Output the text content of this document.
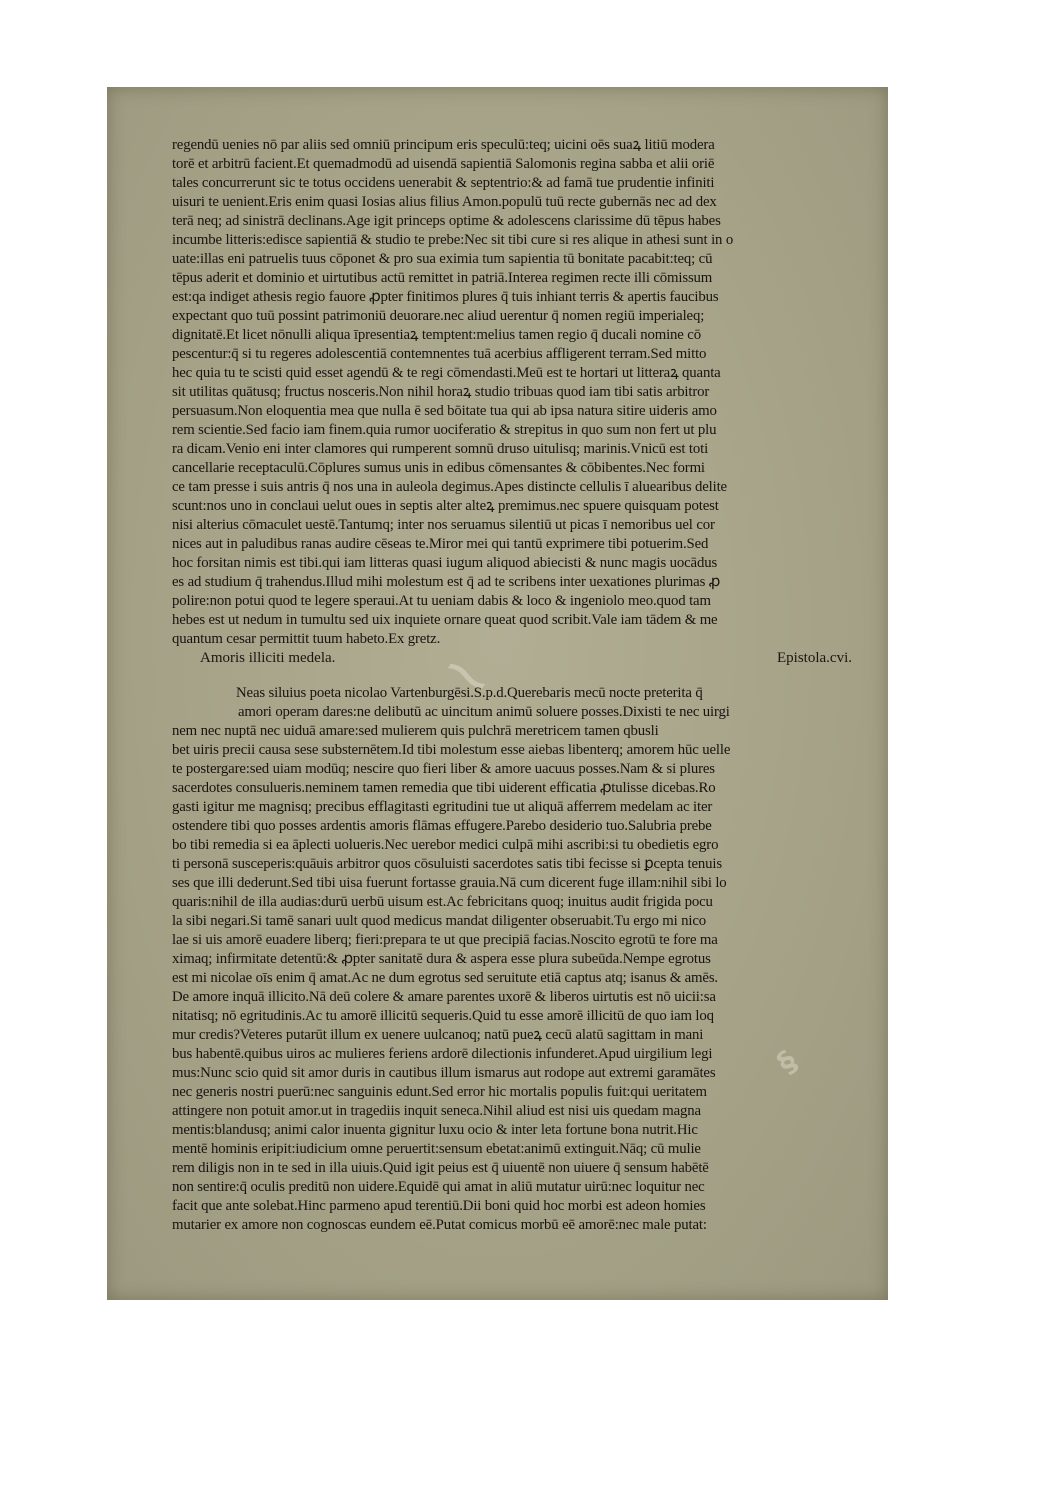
regendū uenies nō par aliis sed omniū principum eris speculū:teq; uicini oēs suaꝝ litiū modera
torē et arbitrū facient.Et quemadmodū ad uisendā sapientiā Salomonis regina sabba et alii oriē
tales concurrerunt sic te totus occidens uenerabit & septentrio:& ad famā tue prudentie infiniti
uisuri te uenient.Eris enim quasi Iosias alius filius Amon.populū tuū recte gubernās nec ad dex
terā neq; ad sinistrā declinans.Age igit princeps optime & adolescens clarissime dū tēpus habes
incumbe litteris:edisce sapientiā & studio te prebe:Nec sit tibi cure si res alique in athesi sunt in o
uate:illas eni patruelis tuus cōponet & pro sua eximia tum sapientia tū bonitate pacabit:teq; cū
tēpus aderit et dominio et uirtutibus actū remittet in patriā.Interea regimen recte illi cōmissum
est:qa indiget athesis regio fauore ꝓpter finitimos plures q̄ tuis inhiant terris & apertis faucibus
expectant quo tuū possint patrimoniū deuorare.nec aliud uerentur q̄ nomen regiū imperialeq;
dignitatē.Et licet nōnulli aliqua īpresentiaꝝ temptent:melius tamen regio q̄ ducali nomine cō
pescentur:q̄ si tu regeres adolescentiā contemnentes tuā acerbius affligerent terram.Sed mitto
hec quia tu te scisti quid esset agendū & te regi cōmendasti.Meū est te hortari ut litteraꝝ quanta
sit utilitas quātusq; fructus nosceris.Non nihil horaꝝ studio tribuas quod iam tibi satis arbitror
persuasum.Non eloquentia mea que nulla ē sed bōitate tua qui ab ipsa natura sitire uideris amo
rem scientie.Sed facio iam finem.quia rumor uociferatio & strepitus in quo sum non fert ut plu
ra dicam.Venio eni inter clamores qui rumperent somnū druso uitulisq; marinis.Vnicū est toti
cancellarie receptaculū.Cōplures sumus unis in edibus cōmensantes & cōbibentes.Nec formi
ce tam presse i suis antris q̄ nos una in auleola degimus.Apes distincte cellulis ī aluearibus delite
scunt:nos uno in conclaui uelut oues in septis alter alteꝝ premimus.nec spuere quisquam potest
nisi alterius cōmaculet uestē.Tantumq; inter nos seruamus silentiū ut picas ī nemoribus uel cor
nices aut in paludibus ranas audire cēseas te.Miror mei qui tantū exprimere tibi potuerim.Sed
hoc forsitan nimis est tibi.qui iam litteras quasi iugum aliquod abiecisti & nunc magis uocādus
es ad studium q̄ trahendus.Illud mihi molestum est q̄ ad te scribens inter uexationes plurimas ꝓ
polire:non potui quod te legere speraui.At tu ueniam dabis & loco & ingeniolo meo.quod tam
hebes est ut nedum in tumultu sed uix inquiete ornare queat quod scribit.Vale iam tādem & me
quantum cesar permittit tuum habeto.Ex gretz.
Amoris illiciti medela.	Epistola.cvi.
Neas siluius poeta nicolao Vartenburgēsi.S.p.d.Querebaris mecū nocte preterita q̄
amori operam dares:ne delibutū ac uincitum animū soluere posses.Dixisti te nec uirgi
nem nec nuptā nec uiduā amare:sed mulierem quis pulchrā meretricem tamen qbusli
bet uiris precii causa sese substernētem.Id tibi molestum esse aiebas libenterq; amorem hūc uelle
te postergare:sed uiam modūq; nescire quo fieri liber & amore uacuus posses.Nam & si plures
sacerdotes consulueris.neminem tamen remedia que tibi uiderent efficatia ꝓtulisse dicebas.Ro
gasti igitur me magnisq; precibus efflagitasti egritudini tue ut aliquā afferrem medelam ac iter
ostendere tibi quo posses ardentis amoris flāmas effugere.Parebo desiderio tuo.Salubria prebe
bo tibi remedia si ea āplecti uolueris.Nec uerebor medici culpā mihi ascribi:si tu obedietis egro
ti personā susceperis:quāuis arbitror quos cōsuluisti sacerdotes satis tibi fecisse si ꝑcepta tenuis
ses que illi dederunt.Sed tibi uisa fuerunt fortasse grauia.Nā cum dicerent fuge illam:nihil sibi lo
quaris:nihil de illa audias:durū uerbū uisum est.Ac febricitans quoq; inuitus audit frigida pocu
la sibi negari.Si tamē sanari uult quod medicus mandat diligenter obseruabit.Tu ergo mi nico
lae si uis amorē euadere liberq; fieri:prepara te ut que precipiā facias.Noscito egrotū te fore ma
ximaq; infirmitate detentū:& ꝓpter sanitatē dura & aspera esse plura subeūda.Nempe egrotus
est mi nicolae oīs enim q̄ amat.Ac ne dum egrotus sed seruitute etiā captus atq; isanus & amēs.
De amore inquā illicito.Nā deū colere & amare parentes uxorē & liberos uirtutis est nō uicii:sa
nitatisq; nō egritudinis.Ac tu amorē illicitū sequeris.Quid tu esse amorē illicitū de quo iam loq
mur credis?Veteres putarūt illum ex uenere uulcanoq; natū pueꝝ cecū alatū sagittam in mani
bus habentē.quibus uiros ac mulieres feriens ardorē dilectionis infunderet.Apud uirgilium legi
mus:Nunc scio quid sit amor duris in cautibus illum ismarus aut rodope aut extremi garamātes
nec generis nostri puerū:nec sanguinis edunt.Sed error hic mortalis populis fuit:qui ueritatem
attingere non potuit amor.ut in tragediis inquit seneca.Nihil aliud est nisi uis quedam magna
mentis:blandusq; animi calor inuenta gignitur luxu ocio & inter leta fortune bona nutrit.Hic
mentē hominis eripit:iudicium omne peruertit:sensum ebetat:animū extinguit.Nāq; cū mulie
rem diligis non in te sed in illa uiuis.Quid igit peius est q̄ uiuentē non uiuere q̄ sensum habētē
non sentire:q̄ oculis preditū non uidere.Equidē qui amat in aliū mutatur uirū:nec loquitur nec
facit que ante solebat.Hinc parmeno apud terentiū.Dii boni quid hoc morbi est adeon homies
mutarier ex amore non cognoscas eundem eē.Putat comicus morbū eē amorē:nec male putat:
⁓
§
